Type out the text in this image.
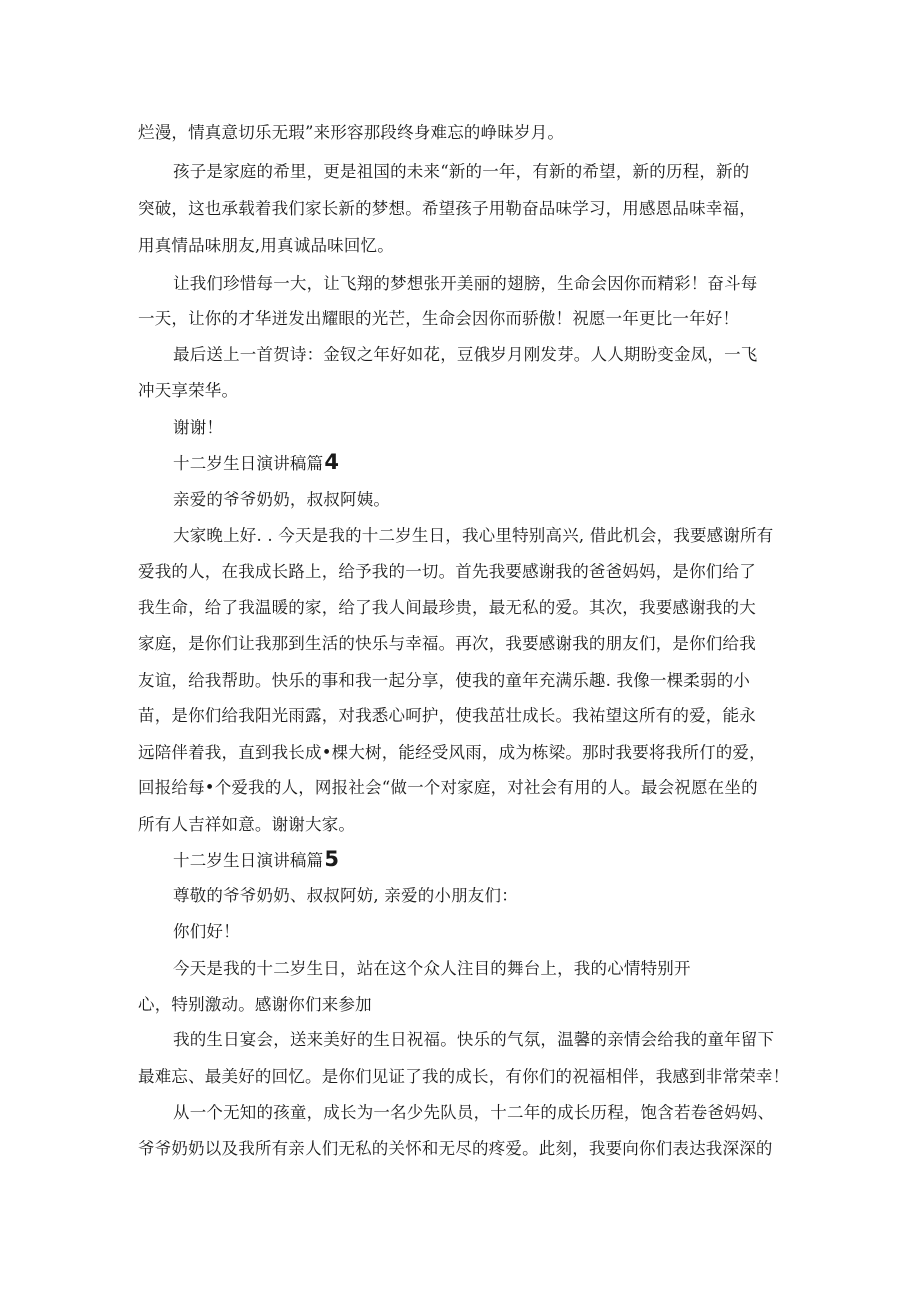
烂漫，情真意切乐无瑕”来形容那段终身难忘的峥昧岁月。
孩子是家庭的希里，更是祖国的未来“新的一年，有新的希望，新的历程，新的
突破，这也承载着我们家长新的梦想。希望孩子用勒奋品味学习，用感恩品味幸福，
用真情品味朋友,用真诚品味回忆。
让我们珍惜每一大，让飞翔的梦想张开美丽的翅膀，生命会因你而精彩！奋斗每
一天，让你的才华迸发出耀眼的光芒，生命会因你而骄傲！祝愿一年更比一年好！
最后送上一首贺诗：金钗之年好如花，豆俄岁月刚发芽。人人期盼变金凤，一飞
冲天享荣华。
谢谢！
十二岁生日演讲稿篇4
亲爱的爷爷奶奶，叔叔阿姨。
大家晚上好. . 今天是我的十二岁生日，我心里特别高兴, 借此机会，我要感谢所有
爱我的人，在我成长路上，给予我的一切。首先我要感谢我的爸爸妈妈，是你们给了
我生命，给了我温暖的家，给了我人间最珍贵，最无私的爱。其次，我要感谢我的大
家庭，是你们让我那到生活的快乐与幸福。再次，我要感谢我的朋友们，是你们给我
友谊，给我帮助。快乐的事和我一起分享，使我的童年充满乐趣. 我像一棵柔弱的小
苗，是你们给我阳光雨露，对我悉心呵护，使我茁壮成长。我祐望这所有的爱，能永
远陪伴着我，直到我长成•棵大树，能经受风雨，成为栋梁。那时我要将我所仃的爱，
回报给每•个爱我的人，网报社会“做一个对家庭，对社会有用的人。最会祝愿在坐的
所有人吉祥如意。谢谢大家。
十二岁生日演讲稿篇5
尊敬的爷爷奶奶、叔叔阿妨, 亲爱的小朋友们：
你们好！
今天是我的十二岁生日，站在这个众人注目的舞台上，我的心情特别开
心，特别激动。感谢你们来参加
我的生日宴会，送来美好的生日祝福。快乐的气氛，温馨的亲情会给我的童年留下
最难忘、最美好的回忆。是你们见证了我的成长，有你们的祝福相伴，我感到非常荣幸！
从一个无知的孩童，成长为一名少先队员，十二年的成长历程，饱含若卷爸妈妈、
爷爷奶奶以及我所有亲人们无私的关怀和无尽的疼爱。此刻，我要向你们表达我深深的
